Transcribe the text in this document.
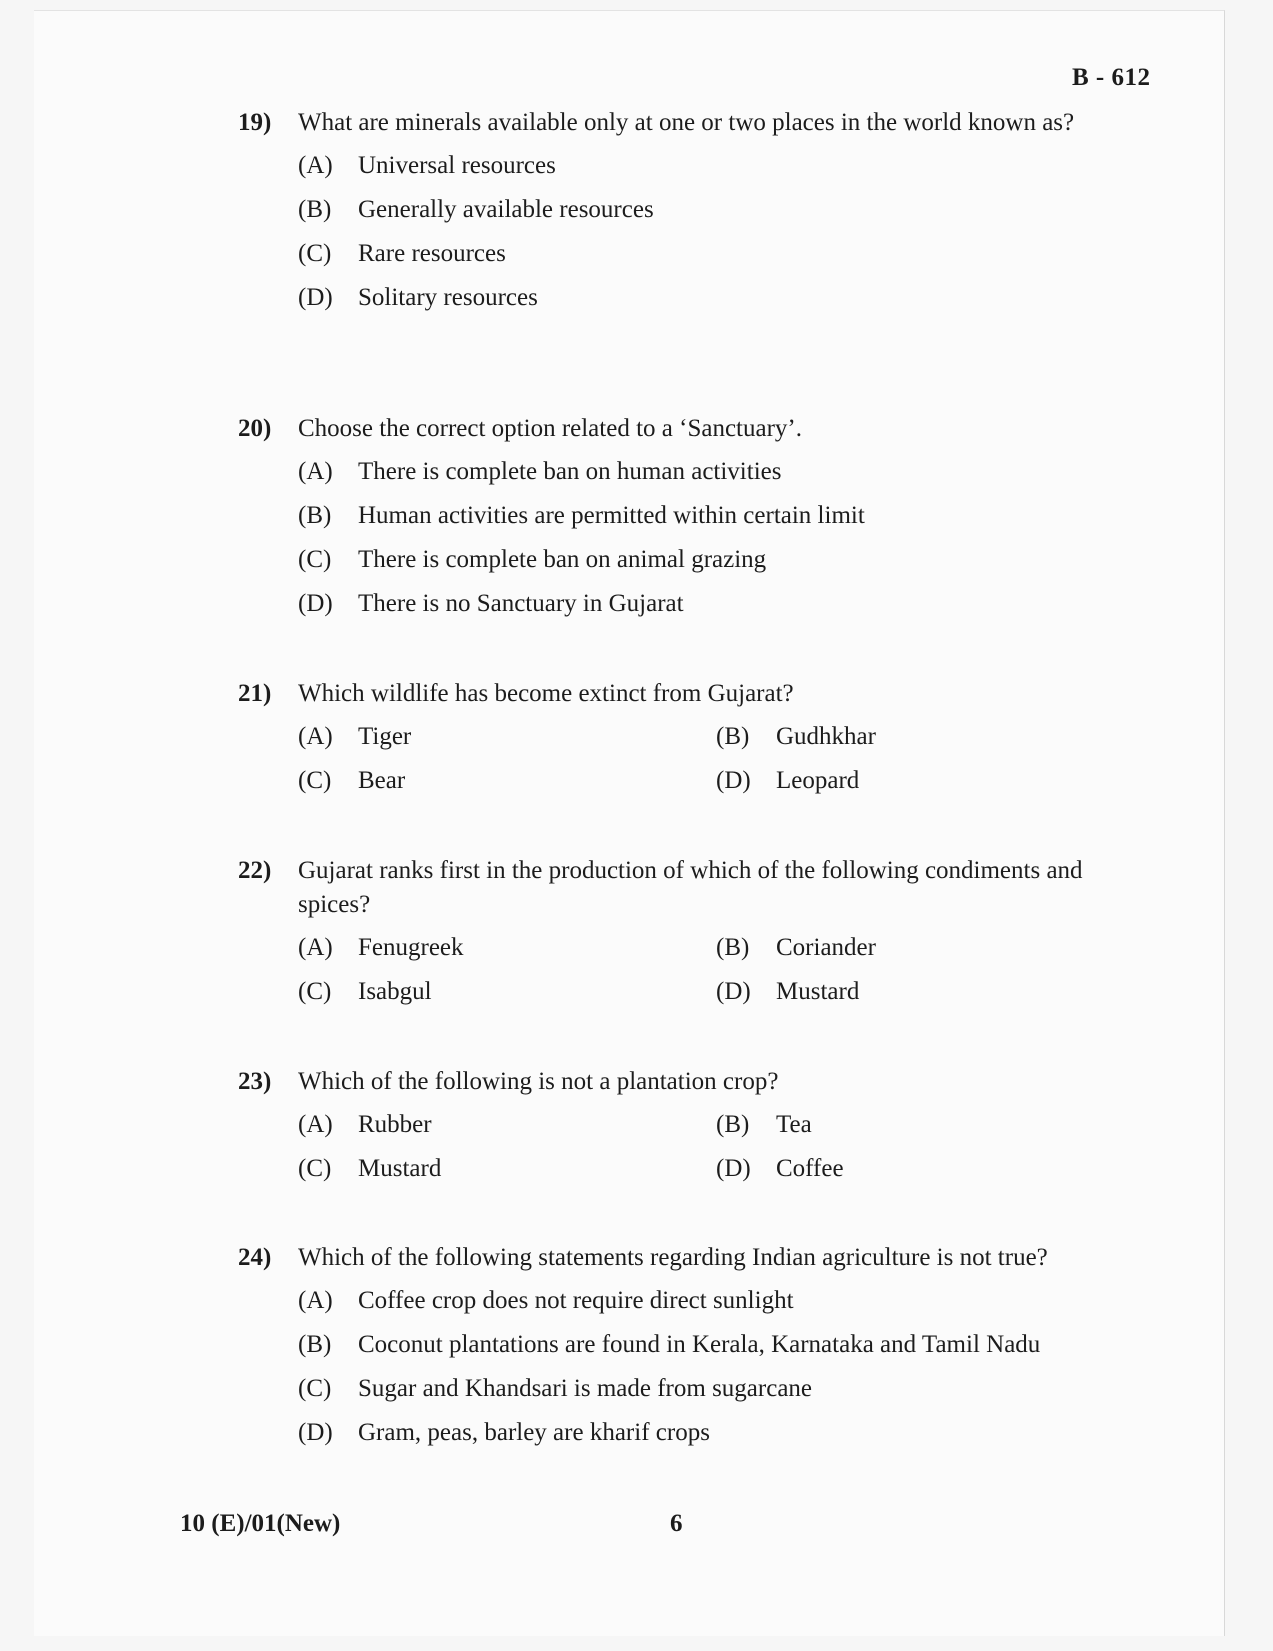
B - 612
19)	What are minerals available only at one or two places in the world known as?
(A)	Universal resources
(B)	Generally available resources
(C)	Rare resources
(D)	Solitary resources
20)	Choose the correct option related to a ‘Sanctuary’.
(A)	There is complete ban on human activities
(B)	Human activities are permitted within certain limit
(C)	There is complete ban on animal grazing
(D)	There is no Sanctuary in Gujarat
21)	Which wildlife has become extinct from Gujarat?
(A)	Tiger	(B)	Gudhkhar
(C)	Bear	(D)	Leopard
22)	Gujarat ranks first in the production of which of the following condiments and spices?
(A)	Fenugreek	(B)	Coriander
(C)	Isabgul	(D)	Mustard
23)	Which of the following is not a plantation crop?
(A)	Rubber	(B)	Tea
(C)	Mustard	(D)	Coffee
24)	Which of the following statements regarding Indian agriculture is not true?
(A)	Coffee crop does not require direct sunlight
(B)	Coconut plantations are found in Kerala, Karnataka and Tamil Nadu
(C)	Sugar and Khandsari is made from sugarcane
(D)	Gram, peas, barley are kharif crops
10 (E)/01(New)	6
